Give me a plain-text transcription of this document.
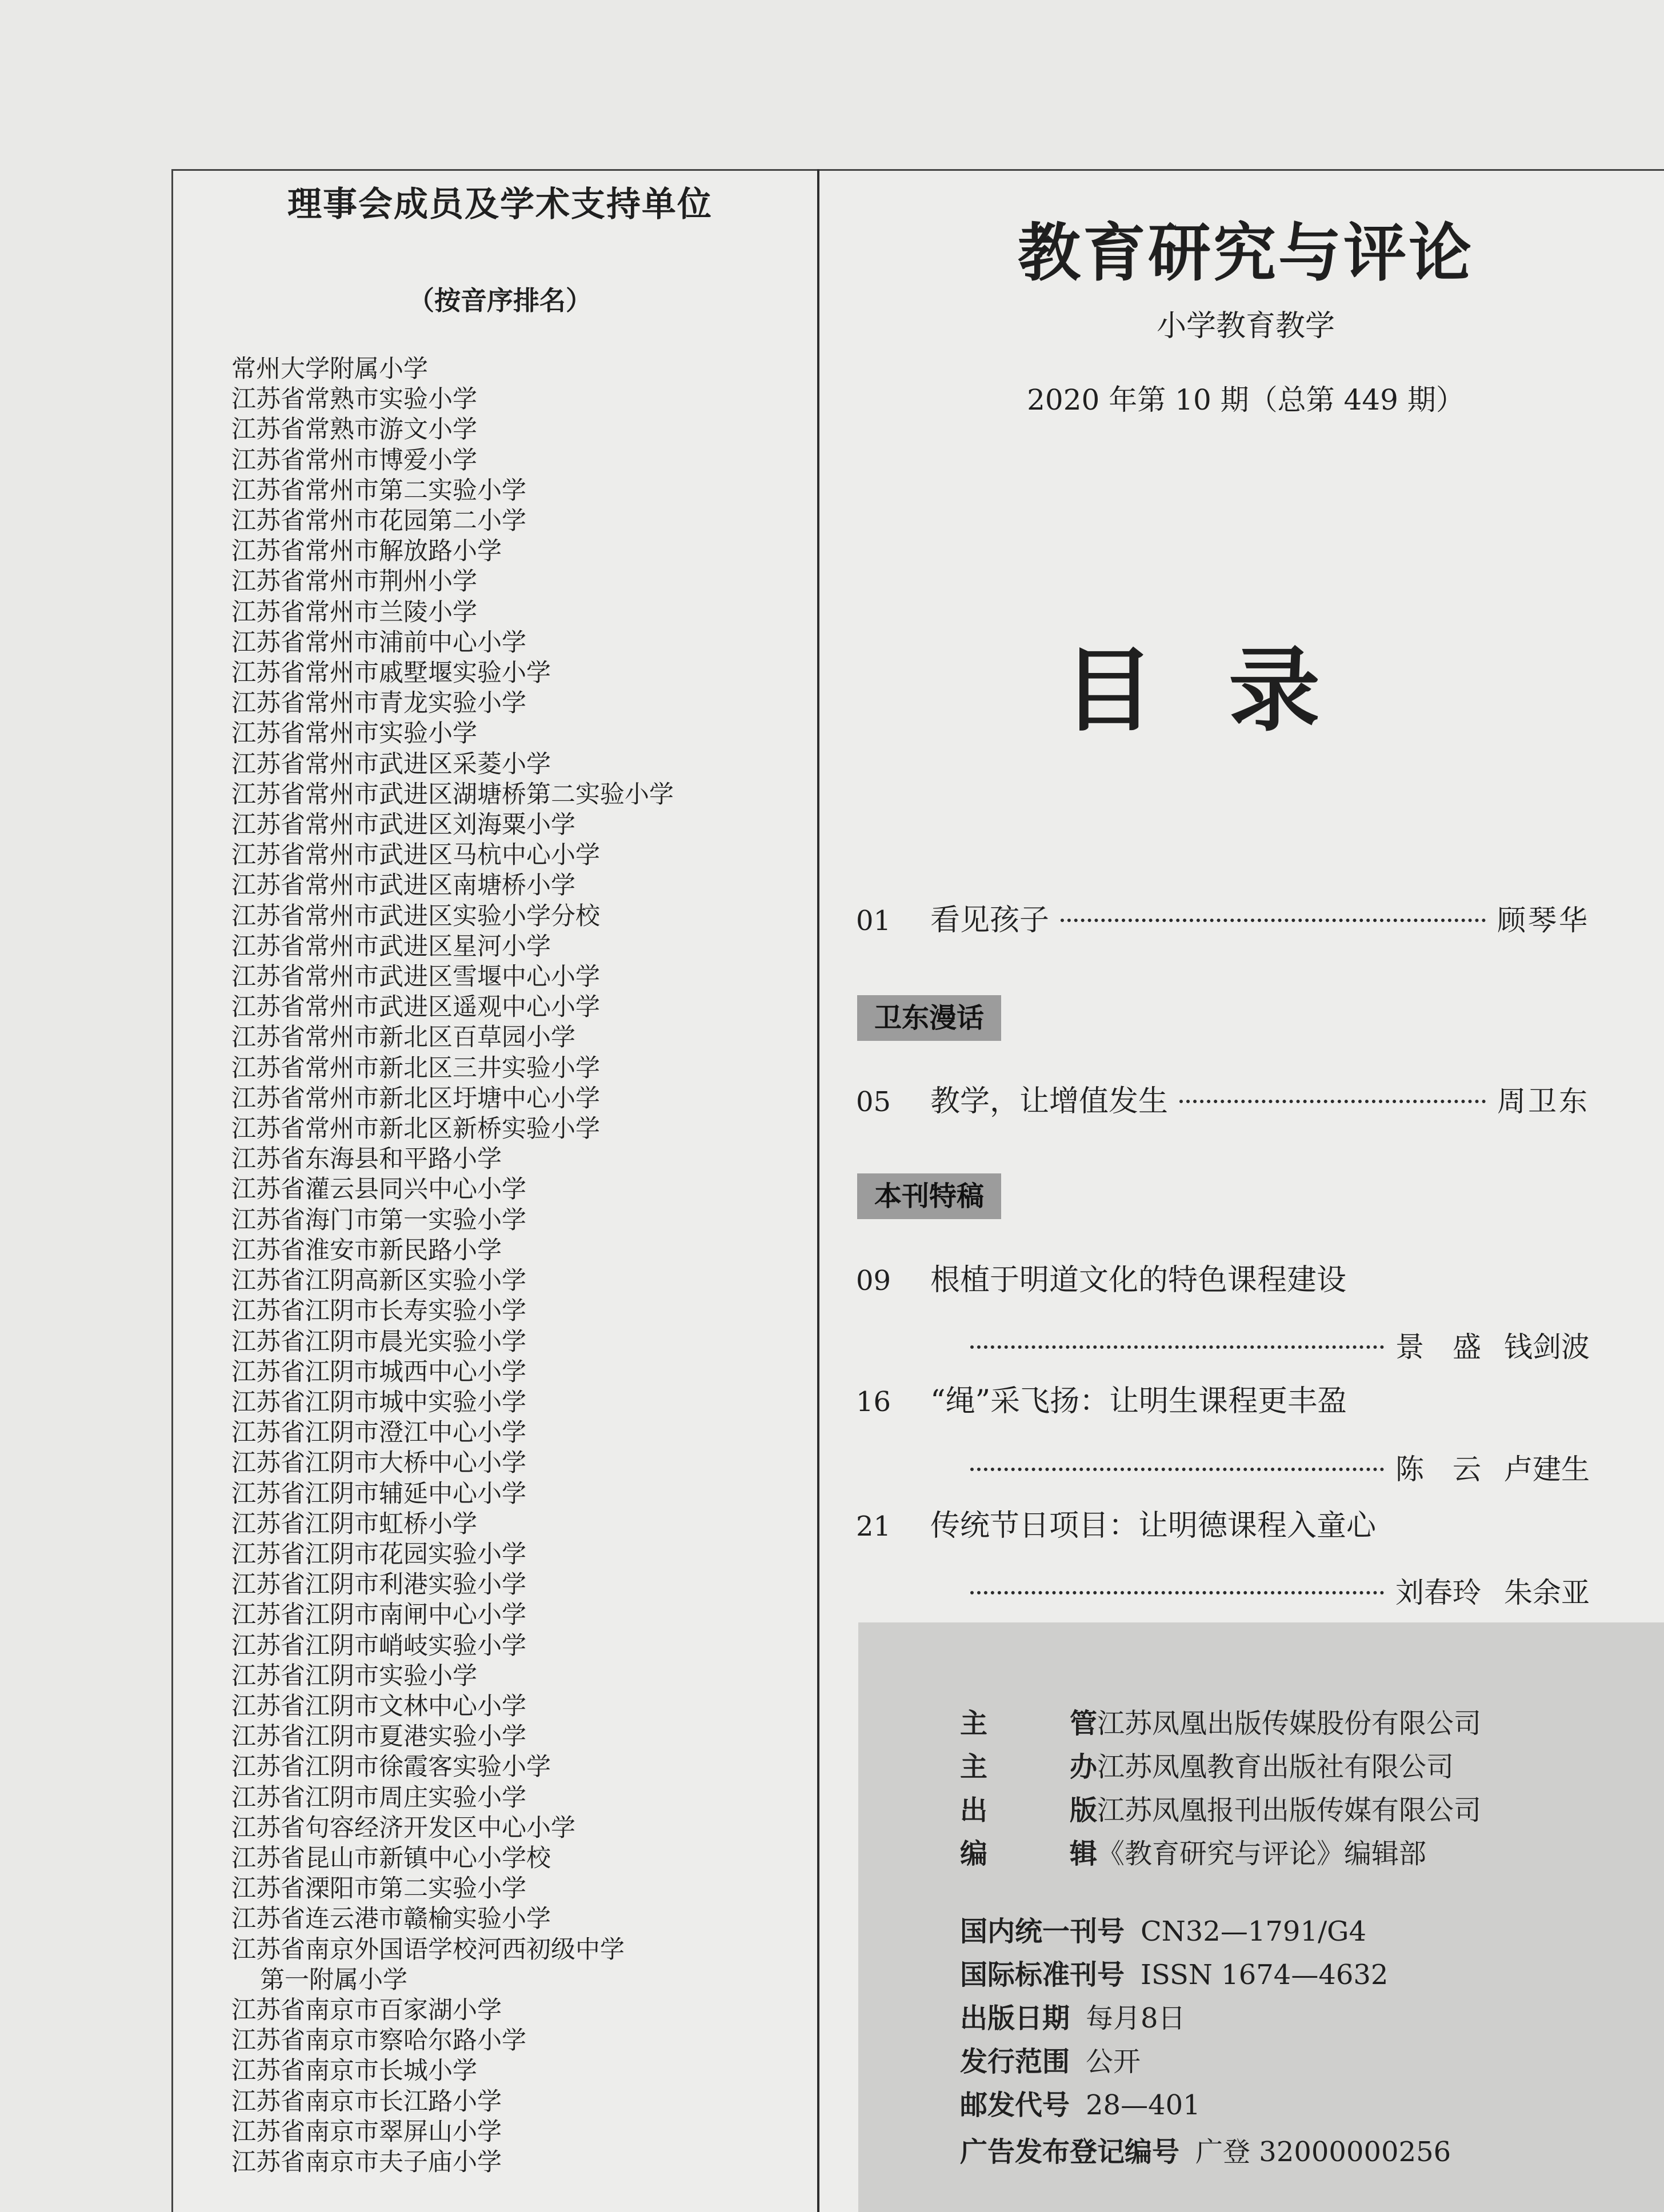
理事会成员及学术支持单位
（按音序排名）
常州大学附属小学
江苏省常熟市实验小学
江苏省常熟市游文小学
江苏省常州市博爱小学
江苏省常州市第二实验小学
江苏省常州市花园第二小学
江苏省常州市解放路小学
江苏省常州市荆州小学
江苏省常州市兰陵小学
江苏省常州市浦前中心小学
江苏省常州市戚墅堰实验小学
江苏省常州市青龙实验小学
江苏省常州市实验小学
江苏省常州市武进区采菱小学
江苏省常州市武进区湖塘桥第二实验小学
江苏省常州市武进区刘海粟小学
江苏省常州市武进区马杭中心小学
江苏省常州市武进区南塘桥小学
江苏省常州市武进区实验小学分校
江苏省常州市武进区星河小学
江苏省常州市武进区雪堰中心小学
江苏省常州市武进区遥观中心小学
江苏省常州市新北区百草园小学
江苏省常州市新北区三井实验小学
江苏省常州市新北区圩塘中心小学
江苏省常州市新北区新桥实验小学
江苏省东海县和平路小学
江苏省灌云县同兴中心小学
江苏省海门市第一实验小学
江苏省淮安市新民路小学
江苏省江阴高新区实验小学
江苏省江阴市长寿实验小学
江苏省江阴市晨光实验小学
江苏省江阴市城西中心小学
江苏省江阴市城中实验小学
江苏省江阴市澄江中心小学
江苏省江阴市大桥中心小学
江苏省江阴市辅延中心小学
江苏省江阴市虹桥小学
江苏省江阴市花园实验小学
江苏省江阴市利港实验小学
江苏省江阴市南闸中心小学
江苏省江阴市峭岐实验小学
江苏省江阴市实验小学
江苏省江阴市文林中心小学
江苏省江阴市夏港实验小学
江苏省江阴市徐霞客实验小学
江苏省江阴市周庄实验小学
江苏省句容经济开发区中心小学
江苏省昆山市新镇中心小学校
江苏省溧阳市第二实验小学
江苏省连云港市赣榆实验小学
江苏省南京外国语学校河西初级中学
第一附属小学
江苏省南京市百家湖小学
江苏省南京市察哈尔路小学
江苏省南京市长城小学
江苏省南京市长江路小学
江苏省南京市翠屏山小学
江苏省南京市夫子庙小学
教育研究与评论
小学教育教学
2020 年第 10 期（总第 449 期）
目录
01	看见孩子	顾琴华
卫东漫话
05	教学，让增值发生	周卫东
本刊特稿
09	根植于明道文化的特色课程建设
景　盛 钱剑波
16	“绳”采飞扬：让明生课程更丰盈
陈　云 卢建生
21	传统节日项目：让明德课程入童心
刘春玲 朱余亚
主	管 江苏凤凰出版传媒股份有限公司
主	办 江苏凤凰教育出版社有限公司
出	版 江苏凤凰报刊出版传媒有限公司
编	辑 《教育研究与评论》编辑部
国内统一刊号 CN32—1791/G4
国际标准刊号 ISSN 1674—4632
出版日期 每月8日
发行范围 公开
邮发代号 28—401
广告发布登记编号 广登 32000000256
